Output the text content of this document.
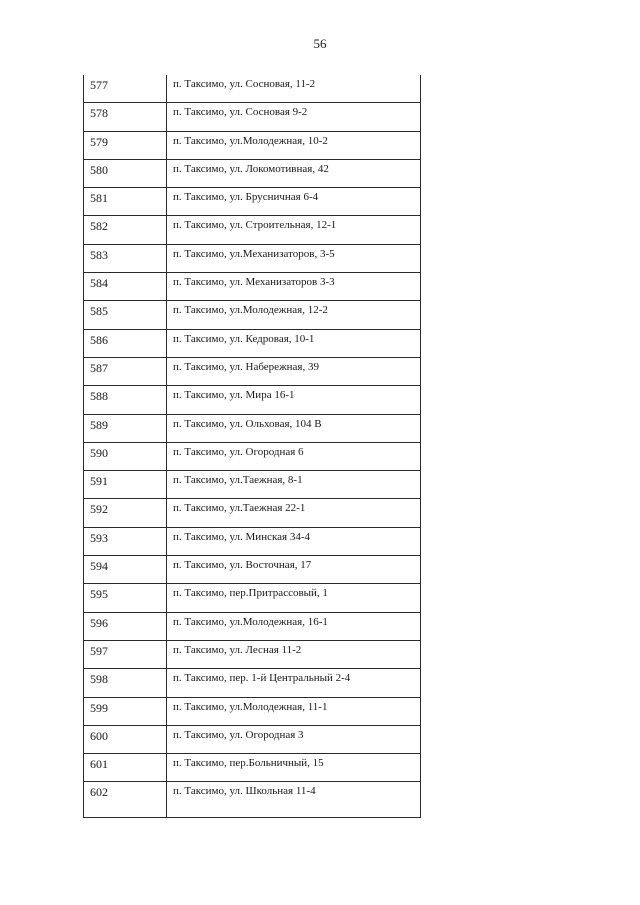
56
577	п. Таксимо, ул. Сосновая, 11-2
578	п. Таксимо, ул. Сосновая 9-2
579	п. Таксимо, ул.Молодежная, 10-2
580	п. Таксимо, ул. Локомотивная, 42
581	п. Таксимо, ул. Брусничная 6-4
582	п. Таксимо, ул. Строительная, 12-1
583	п. Таксимо, ул.Механизаторов, 3-5
584	п. Таксимо, ул. Механизаторов 3-3
585	п. Таксимо, ул.Молодежная, 12-2
586	п. Таксимо, ул. Кедровая, 10-1
587	п. Таксимо, ул. Набережная, 39
588	п. Таксимо, ул. Мира 16-1
589	п. Таксимо, ул. Ольховая, 104 В
590	п. Таксимо, ул. Огородная 6
591	п. Таксимо, ул.Таежная, 8-1
592	п. Таксимо, ул.Таежная 22-1
593	п. Таксимо, ул. Минская 34-4
594	п. Таксимо, ул. Восточная, 17
595	п. Таксимо, пер.Притрассовый, 1
596	п. Таксимо, ул.Молодежная, 16-1
597	п. Таксимо, ул. Лесная 11-2
598	п. Таксимо, пер. 1-й Центральный 2-4
599	п. Таксимо, ул.Молодежная, 11-1
600	п. Таксимо, ул. Огородная 3
601	п. Таксимо, пер.Больничный, 15
602	п. Таксимо, ул. Школьная 11-4
